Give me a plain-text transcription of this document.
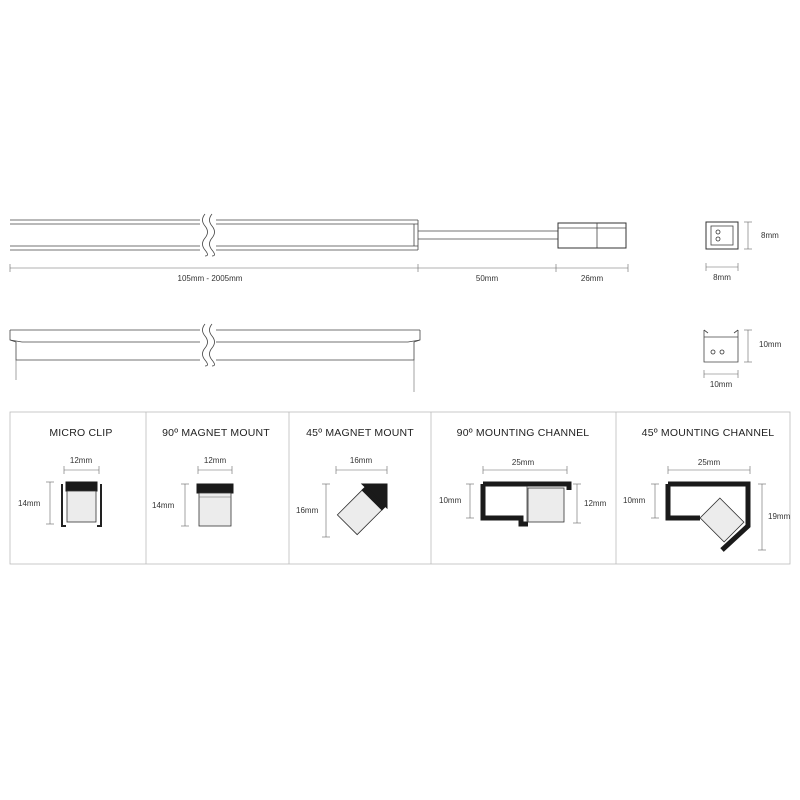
105mm - 2005mm	50mm	26mm
8mm
8mm
10mm
10mm
MICRO CLIP
12mm
14mm
90º MAGNET MOUNT
12mm
14mm
45º MAGNET MOUNT
16mm
16mm
90º MOUNTING CHANNEL
25mm
10mm	12mm
45º MOUNTING CHANNEL
25mm
10mm
19mm
